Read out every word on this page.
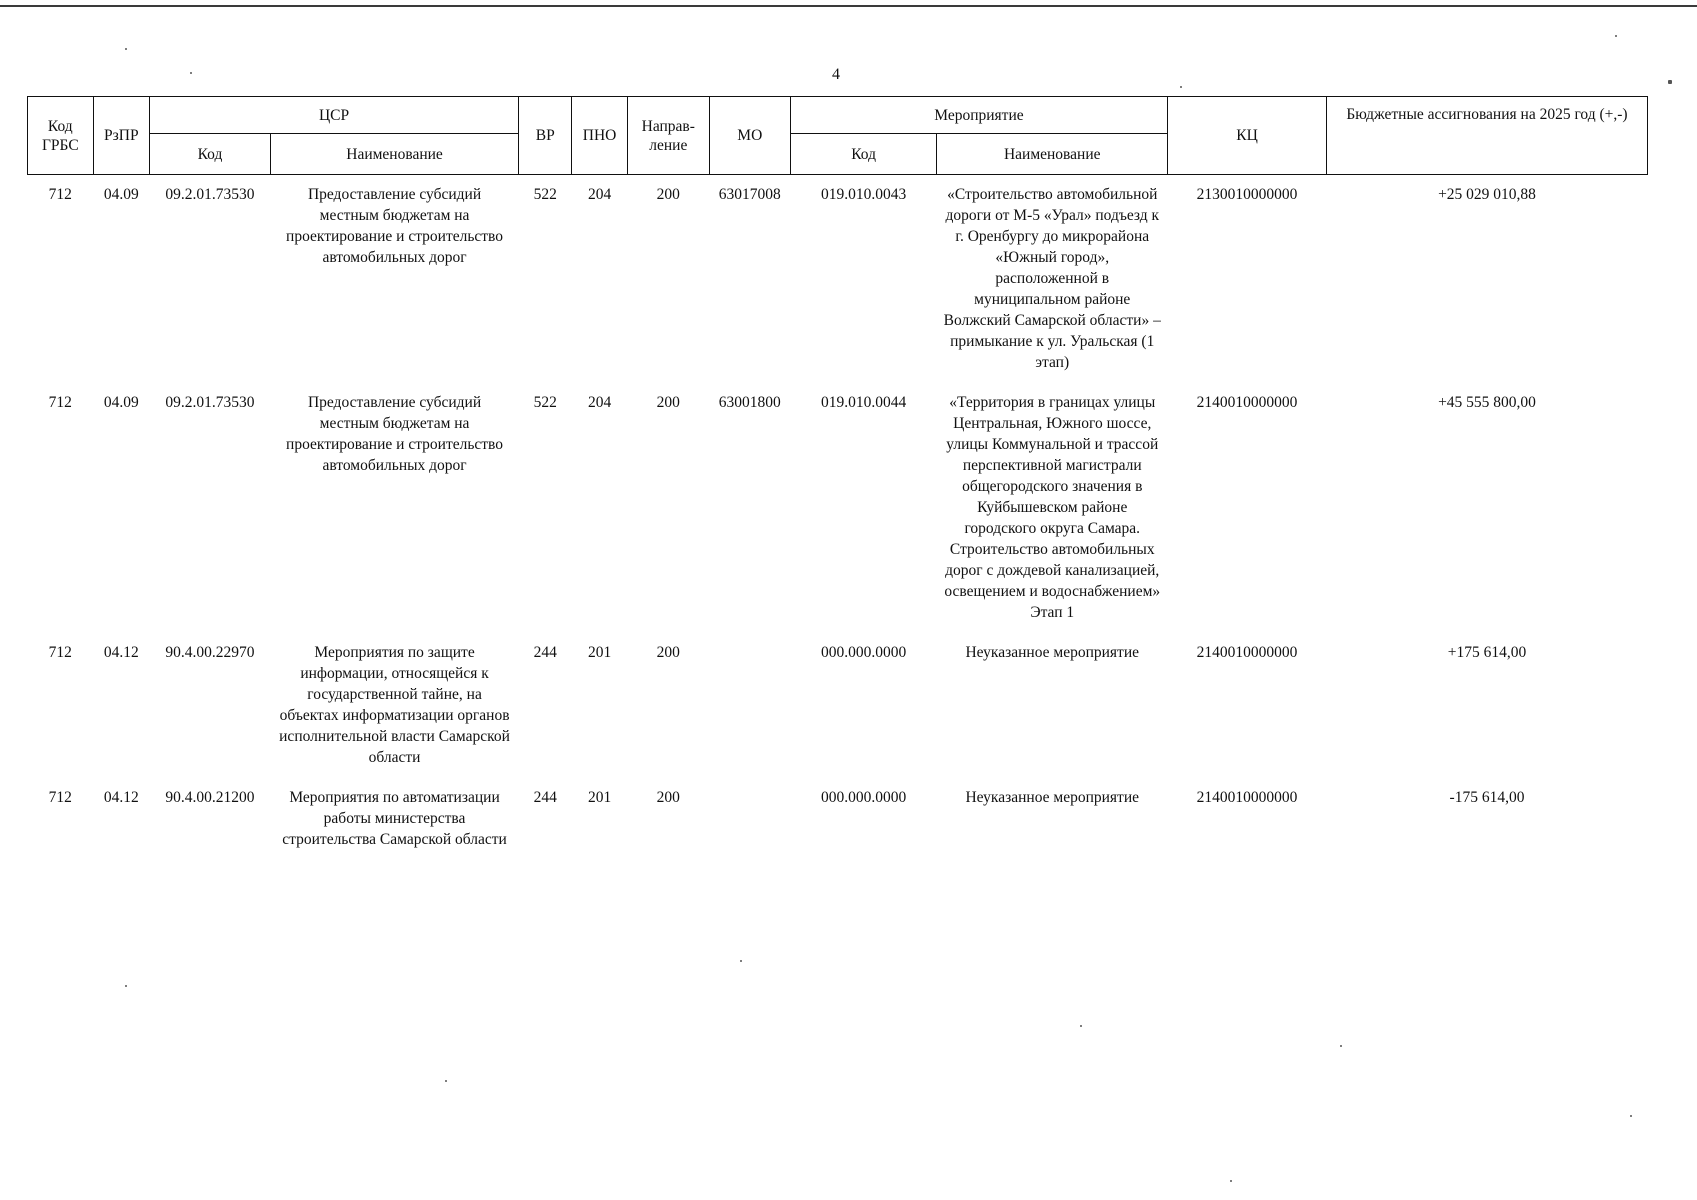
4
Код ГРБС	РзПР	ЦСР		ВР	ПНО	Направ-ление	МО	Мероприятие		КЦ	Бюджетные ассигнования на 2025 год (+,-)
		Код	Наименование					Код	Наименование		
712	04.09	09.2.01.73530	Предоставление субсидий местным бюджетам на проектирование и строительство автомобильных дорог	522	204	200	63017008	019.010.0043	«Строительство автомобильной дороги от М-5 «Урал» подъезд к г. Оренбургу до микрорайона «Южный город», расположенной в муниципальном районе Волжский Самарской области» – примыкание к ул. Уральская (1 этап)	2130010000000	+25 029 010,88
712	04.09	09.2.01.73530	Предоставление субсидий местным бюджетам на проектирование и строительство автомобильных дорог	522	204	200	63001800	019.010.0044	«Территория в границах улицы Центральная, Южного шоссе, улицы Коммунальной и трассой перспективной магистрали общегородского значения в Куйбышевском районе городского округа Самара. Строительство автомобильных дорог с дождевой канализацией, освещением и водоснабжением» Этап 1	2140010000000	+45 555 800,00
712	04.12	90.4.00.22970	Мероприятия по защите информации, относящейся к государственной тайне, на объектах информатизации органов исполнительной власти Самарской области	244	201	200		000.000.0000	Неуказанное мероприятие	2140010000000	+175 614,00
712	04.12	90.4.00.21200	Мероприятия по автоматизации работы министерства строительства Самарской области	244	201	200		000.000.0000	Неуказанное мероприятие	2140010000000	-175 614,00
